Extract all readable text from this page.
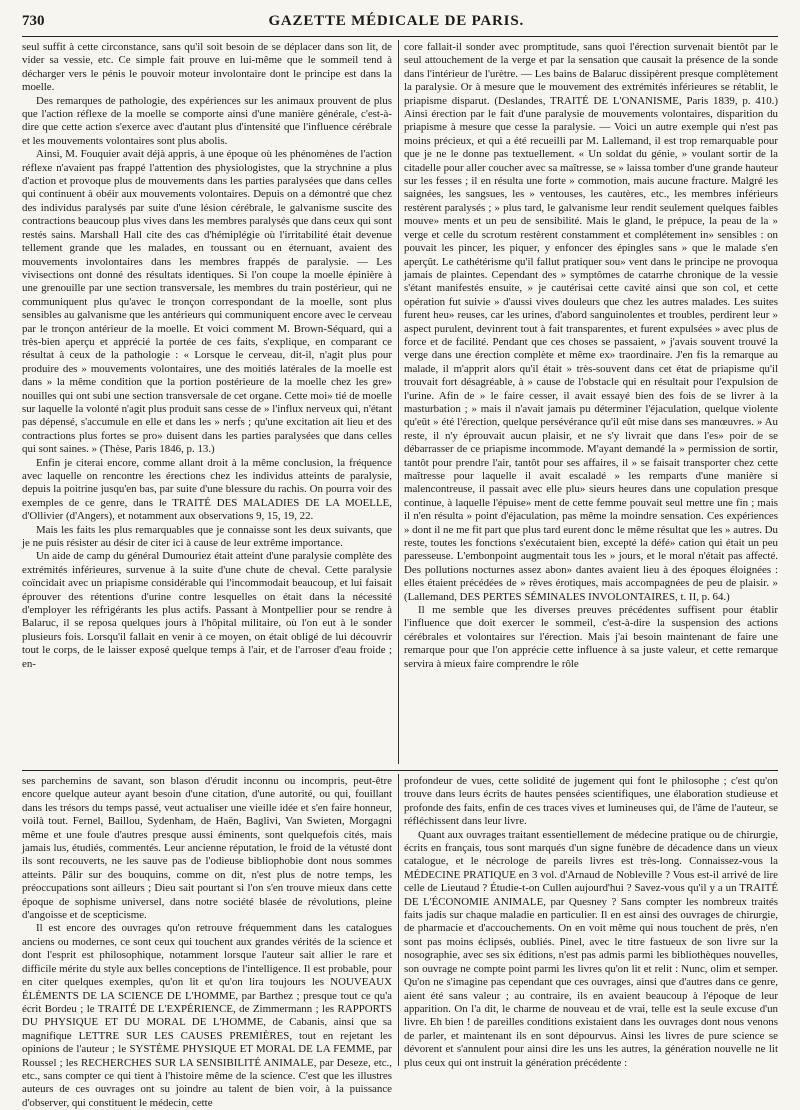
730	GAZETTE MÉDICALE DE PARIS.

seul suffit à cette circonstance, sans qu'il soit besoin de se déplacer dans son lit, de vider sa vessie, etc. Ce simple fait prouve en lui-même que le sommeil tend à décharger vers le pénis le pouvoir moteur involontaire dont le principe est dans la moelle.

Des remarques de pathologie, des expériences sur les animaux prouvent de plus que l'action réflexe de la moelle se comporte ainsi d'une manière générale, c'est-à-dire que cette action s'exerce avec d'autant plus d'intensité que l'influence cérébrale et les mouvements volontaires sont plus abolis.

Ainsi, M. Fouquier avait déjà appris, à une époque où les phénomènes de l'action réflexe n'avaient pas frappé l'attention des physiologistes, que la strychnine a plus d'action et provoque plus de mouvements dans les parties paralysées que dans celles qui continuent à obéir aux mouvements volontaires. Depuis on a démontré que chez des individus paralysés par suite d'une lésion cérébrale, le galvanisme suscite des contractions beaucoup plus vives dans les membres paralysés que dans ceux qui sont restés sains. Marshall Hall cite des cas d'hémiplégie où l'irritabilité était devenue tellement grande que les malades, en toussant ou en éternuant, avaient des mouvements involontaires dans les membres frappés de paralysie. — Les vivisections ont donné des résultats identiques. Si l'on coupe la moelle épinière à une grenouille par une section transversale, les membres du train postérieur, qui ne communiquent plus qu'avec le tronçon correspondant de la moelle, sont plus sensibles au galvanisme que les antérieurs qui communiquent encore avec le cerveau par le tronçon antérieur de la moelle. Et voici comment M. Brown-Séquard, qui a très-bien aperçu et apprécié la portée de ces faits, s'explique, en comparant ce résultat à ceux de la pathologie : « Lorsque le cerveau, dit-il, n'agit plus pour produire des » mouvements volontaires, une des moitiés latérales de la moelle est dans » la même condition que la portion postérieure de la moelle chez les gre» nouilles qui ont subi une section transversale de cet organe. Cette moi» tié de moelle sur laquelle la volonté n'agit plus produit sans cesse de » l'influx nerveux qui, n'étant pas dépensé, s'accumule en elle et dans les » nerfs ; qu'une excitation ait lieu et des contractions plus fortes se pro» duisent dans les parties paralysées que dans celles qui sont saines. » (Thèse, Paris 1846, p. 13.)

Enfin je citerai encore, comme allant droit à la même conclusion, la fréquence avec laquelle on rencontre les érections chez les individus atteints de paralysie, depuis la poitrine jusqu'en bas, par suite d'une blessure du rachis. On pourra voir des exemples de ce genre, dans le TRAITÉ DES MALADIES DE LA MOELLE, d'Ollivier (d'Angers), et notamment aux observations 9, 15, 19, 22.

Mais les faits les plus remarquables que je connaisse sont les deux suivants, que je ne puis résister au désir de citer ici à cause de leur extrême importance.

Un aide de camp du général Dumouriez était atteint d'une paralysie complète des extrémités inférieures, survenue à la suite d'une chute de cheval. Cette paralysie coïncidait avec un priapisme considérable qui l'incommodait beaucoup, et lui faisait éprouver des rétentions d'urine contre lesquelles on était dans la nécessité d'employer les réfrigérants les plus actifs. Passant à Montpellier pour se rendre à Balaruc, il se reposa quelques jours à l'hôpital militaire, où l'on eut à le sonder plusieurs fois. Lorsqu'il fallait en venir à ce moyen, on était obligé de lui découvrir tout le corps, de le laisser exposé quelque temps à l'air, et de l'arroser d'eau froide ; en-

core fallait-il sonder avec promptitude, sans quoi l'érection survenait bientôt par le seul attouchement de la verge et par la sensation que causait la présence de la sonde dans l'intérieur de l'urètre. — Les bains de Balaruc dissipèrent presque complètement la paralysie. Or à mesure que le mouvement des extrémités inférieures se rétablit, le priapisme disparut. (Deslandes, TRAITÉ DE L'ONANISME, Paris 1839, p. 410.) Ainsi érection par le fait d'une paralysie de mouvements volontaires, disparition du priapisme à mesure que cesse la paralysie. — Voici un autre exemple qui n'est pas moins précieux, et qui a été recueilli par M. Lallemand, il est trop remarquable pour que je ne le donne pas textuellement. « Un soldat du génie, » voulant sortir de la citadelle pour aller coucher avec sa maîtresse, se » laissa tomber d'une grande hauteur sur les fesses ; il en résulta une forte » commotion, mais aucune fracture. Malgré les saignées, les sangsues, les » ventouses, les cautères, etc., les membres inférieurs restèrent paralysés ; » plus tard, le galvanisme leur rendit seulement quelques faibles mouve» ments et un peu de sensibilité. Mais le gland, le prépuce, la peau de la » verge et celle du scrotum restèrent constamment et complétement in» sensibles : on pouvait les pincer, les piquer, y enfoncer des épingles sans » que le malade s'en aperçût. Le cathétérisme qu'il fallut pratiquer sou» vent dans le principe ne provoqua jamais de plaintes. Cependant des » symptômes de catarrhe chronique de la vessie s'étant manifestés ensuite, » je cautérisai cette cavité ainsi que son col, et cette opération fut suivie » d'aussi vives douleurs que chez les autres malades. Les suites furent heu» reuses, car les urines, d'abord sanguinolentes et troubles, perdirent leur » aspect purulent, devinrent tout à fait transparentes, et furent expulsées » avec plus de force et de facilité. Pendant que ces choses se passaient, » j'avais souvent trouvé la verge dans une érection complète et même ex» traordinaire. J'en fis la remarque au malade, il m'apprit alors qu'il était » très-souvent dans cet état de priapisme qu'il trouvait fort désagréable, à » cause de l'obstacle qui en résultait pour l'expulsion de l'urine. Afin de » le faire cesser, il avait essayé bien des fois de se livrer à la masturbation ; » mais il n'avait jamais pu déterminer l'éjaculation, quelque violente qu'eût » été l'érection, quelque persévérance qu'il eût mise dans ses manœuvres. » Au reste, il n'y éprouvait aucun plaisir, et ne s'y livrait que dans l'es» poir de se débarrasser de ce priapisme incommode. M'ayant demandé la » permission de sortir, tantôt pour prendre l'air, tantôt pour ses affaires, il » se faisait transporter chez cette maîtresse pour laquelle il avait escaladé » les remparts d'une manière si malencontreuse, il passait avec elle plu» sieurs heures dans une copulation presque continue, à laquelle l'épuise» ment de cette femme pouvait seul mettre une fin ; mais il n'en résulta » point d'éjaculation, pas même la moindre sensation. Ces expériences » dont il ne me fit part que plus tard eurent donc le même résultat que les » autres. Du reste, toutes les fonctions s'exécutaient bien, excepté la défé» cation qui était un peu paresseuse. L'embonpoint augmentait tous les » jours, et le moral n'était pas affecté. Des pollutions nocturnes assez abon» dantes avaient lieu à des époques éloignées : elles étaient précédées de » rêves érotiques, mais accompagnées de peu de plaisir. » (Lallemand, DES PERTES SÉMINALES INVOLONTAIRES, t. II, p. 64.)

Il me semble que les diverses preuves précédentes suffisent pour établir l'influence que doit exercer le sommeil, c'est-à-dire la suspension des actions cérébrales et volontaires sur l'érection. Mais j'ai besoin maintenant de faire une remarque pour que l'on apprécie cette influence à sa juste valeur, et cette remarque servira à mieux faire comprendre le rôle

ses parchemins de savant, son blason d'érudit inconnu ou incompris, peut-être encore quelque auteur ayant besoin d'une citation, d'une autorité, ou qui, fouillant dans les trésors du temps passé, veut actualiser une vieille idée et s'en faire honneur, voilà tout. Fernel, Baillou, Sydenham, de Haën, Baglivi, Van Swieten, Morgagni même et une foule d'autres presque aussi éminents, sont quelquefois cités, mais jamais lus, étudiés, commentés. Leur ancienne réputation, le froid de la vétusté dont ils sont recouverts, ne les sauve pas de l'odieuse bibliophobie dont nous sommes atteints. Pâlir sur des bouquins, comme on dit, n'est plus de notre temps, les préoccupations sont ailleurs ; Dieu sait pourtant si l'on s'en trouve mieux dans cette époque de sophisme universel, dans notre société blasée de révolutions, pleine d'angoisse et de scepticisme.

Il est encore des ouvrages qu'on retrouve fréquemment dans les catalogues anciens ou modernes, ce sont ceux qui touchent aux grandes vérités de la science et dont l'esprit est philosophique, notamment lorsque l'auteur sait allier le rare et difficile mérite du style aux belles conceptions de l'intelligence. Il est probable, pour en citer quelques exemples, qu'on lit et qu'on lira toujours les NOUVEAUX ÉLÉMENTS DE LA SCIENCE DE L'HOMME, par Barthez ; presque tout ce qu'a écrit Bordeu ; le TRAITÉ DE L'EXPÉRIENCE, de Zimmermann ; les RAPPORTS DU PHYSIQUE ET DU MORAL DE L'HOMME, de Cabanis, ainsi que sa magnifique LETTRE SUR LES CAUSES PREMIÈRES, tout en rejetant les opinions de l'auteur ; le SYSTÈME PHYSIQUE ET MORAL DE LA FEMME, par Roussel ; les RECHERCHES SUR LA SENSIBILITÉ ANIMALE, par Deseze, etc., etc., sans compter ce qui tient à l'histoire même de la science. C'est que les illustres auteurs de ces ouvrages ont su joindre au talent de bien voir, à la puissance d'observer, qui constituent le médecin, cette

profondeur de vues, cette solidité de jugement qui font le philosophe ; c'est qu'on trouve dans leurs écrits de hautes pensées scientifiques, une élaboration studieuse et profonde des faits, enfin de ces traces vives et lumineuses qui, de l'âme de l'auteur, se réfléchissent dans leur livre.

Quant aux ouvrages traitant essentiellement de médecine pratique ou de chirurgie, écrits en français, tous sont marqués d'un signe funèbre de décadence dans un vieux catalogue, et le nécrologe de pareils livres est très-long. Connaissez-vous la MÉDECINE PRATIQUE en 3 vol. d'Arnaud de Nobleville ? Vous est-il arrivé de lire celle de Lieutaud ? Étudie-t-on Cullen aujourd'hui ? Savez-vous qu'il y a un TRAITÉ DE L'ÉCONOMIE ANIMALE, par Quesney ? Sans compter les nombreux traités faits jadis sur chaque maladie en particulier. Il en est ainsi des ouvrages de chirurgie, de pharmacie et d'accouchements. On en voit même qui nous touchent de près, n'en sont pas moins éclipsés, oubliés. Pinel, avec le titre fastueux de son livre sur la nosographie, avec ses six éditions, n'est pas admis parmi les bibliothèques nouvelles, son ouvrage ne compte point parmi les livres qu'on lit et relit : Nunc, olim et semper. Qu'on ne s'imagine pas cependant que ces ouvrages, ainsi que d'autres dans ce genre, aient été sans valeur ; au contraire, ils en avaient beaucoup à l'époque de leur apparition. On l'a dit, le charme de nouveau et de vrai, telle est la seule excuse d'un livre. Eh bien ! de pareilles conditions existaient dans les ouvrages dont nous venons de parler, et maintenant ils en sont dépourvus. Ainsi les livres de pure science se dévorent et s'annulent pour ainsi dire les uns les autres, la génération nouvelle ne lit plus ceux qui ont instruit la génération précédente :
